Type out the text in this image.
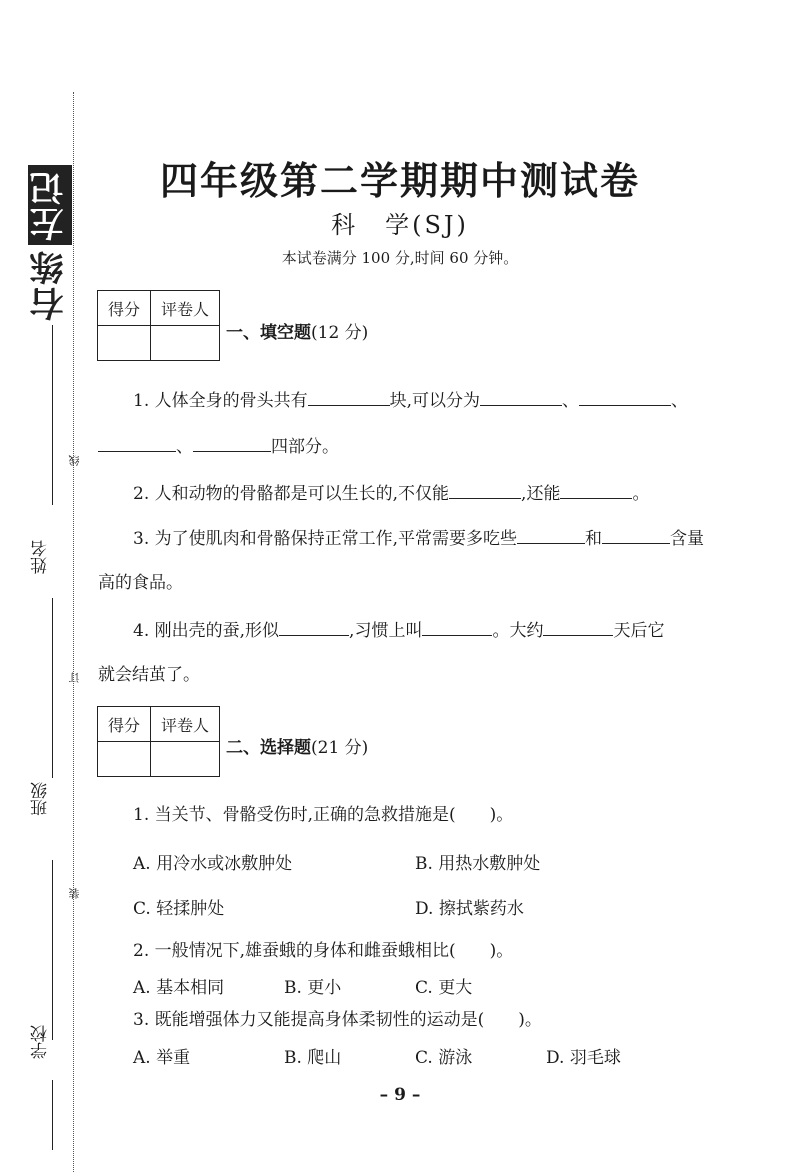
右练左记
姓名
班级
学校
线
订
装
四年级第二学期期中测试卷
科　学(SJ)
本试卷满分 100 分,时间 60 分钟。
得分	评卷人

一、填空题(12 分)
1. 人体全身的骨头共有	块,可以分为	、	、
、	四部分。
2. 人和动物的骨骼都是可以生长的,不仅能	,还能	。
3. 为了使肌肉和骨骼保持正常工作,平常需要多吃些	和	含量
高的食品。
4. 刚出壳的蚕,形似	,习惯上叫	。大约	天后它
就会结茧了。
得分	评卷人

二、选择题(21 分)
1. 当关节、骨骼受伤时,正确的急救措施是( )。
A. 用冷水或冰敷肿处	B. 用热水敷肿处
C. 轻揉肿处	D. 擦拭紫药水
2. 一般情况下,雄蚕蛾的身体和雌蚕蛾相比( )。
A. 基本相同	B. 更小	C. 更大
3. 既能增强体力又能提高身体柔韧性的运动是( )。
A. 举重	B. 爬山	C. 游泳	D. 羽毛球
– 9 –
